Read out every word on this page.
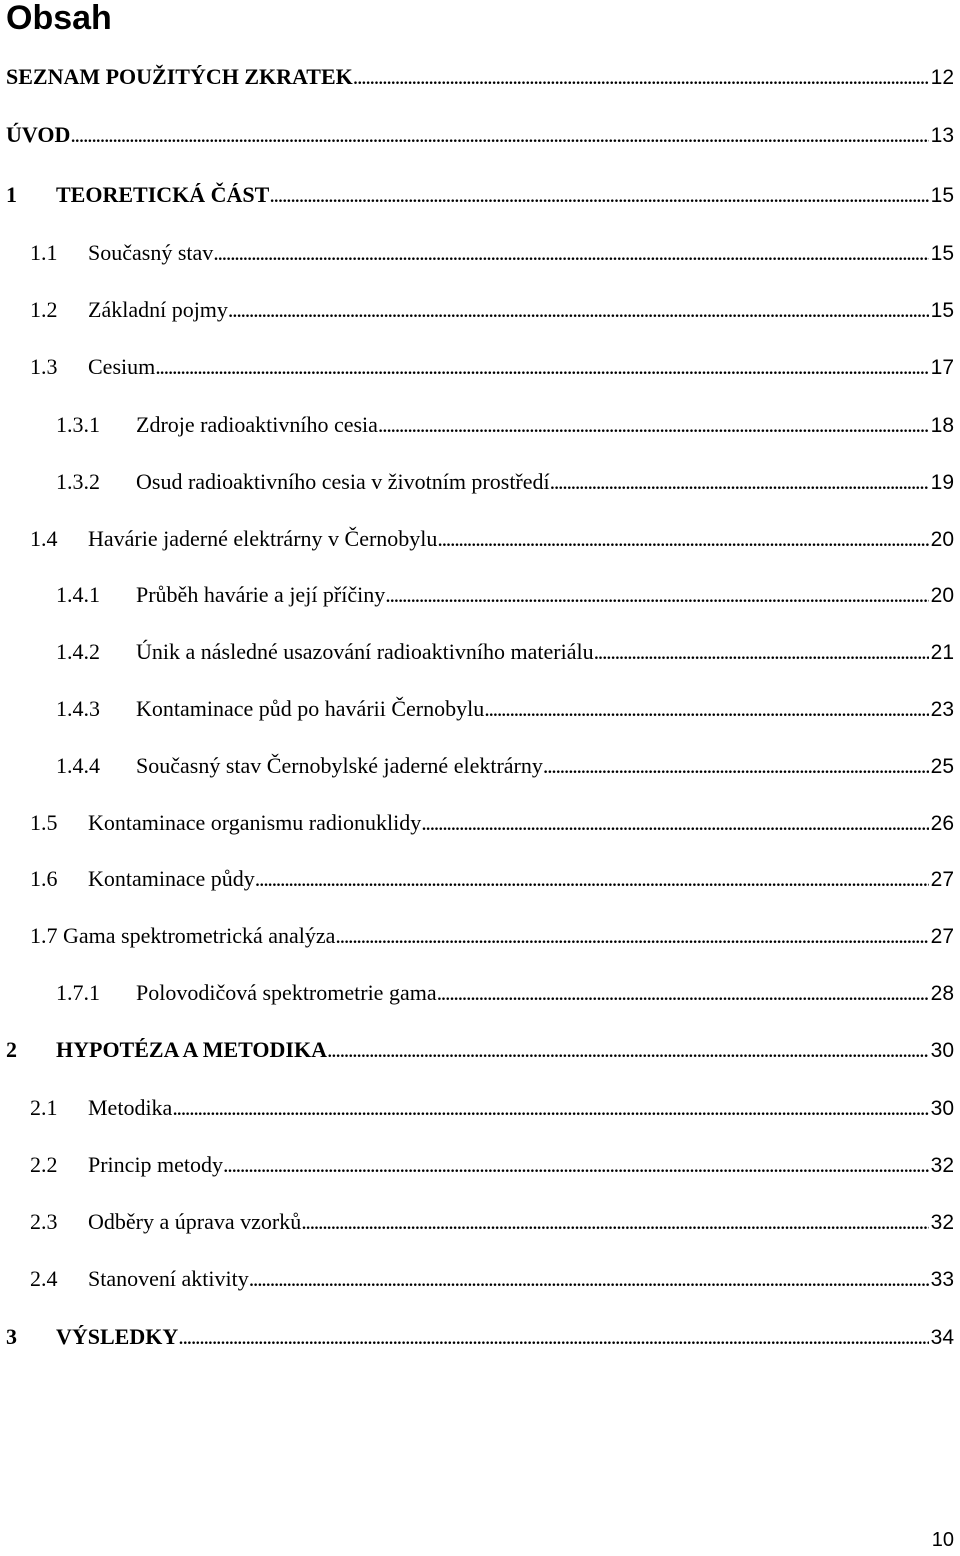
Obsah
SEZNAM POUŽITÝCH ZKRATEK . . .	12
ÚVOD . . .	13
1	TEORETICKÁ ČÁST . . .	15
1.1	Současný stav . . .	15
1.2	Základní pojmy . . .	15
1.3	Cesium . . .	17
1.3.1	Zdroje radioaktivního cesia . . .	18
1.3.2	Osud radioaktivního cesia v životním prostředí . . .	19
1.4	Havárie jaderné elektrárny v Černobylu . . .	20
1.4.1	Průběh havárie a její příčiny . . .	20
1.4.2	Únik a následné usazování radioaktivního materiálu . . .	21
1.4.3	Kontaminace půd po havárii Černobylu . . .	23
1.4.4	Současný stav Černobylské jaderné elektrárny . . .	25
1.5	Kontaminace organismu radionuklidy . . .	26
1.6	Kontaminace půdy . . .	27
1.7 Gama spektrometrická analýza . . .	27
1.7.1	Polovodičová spektrometrie gama . . .	28
2	HYPOTÉZA A METODIKA . . .	30
2.1	Metodika . . .	30
2.2	Princip metody . . .	32
2.3	Odběry a úprava vzorků . . .	32
2.4	Stanovení aktivity . . .	33
3	VÝSLEDKY . . .	34
10
